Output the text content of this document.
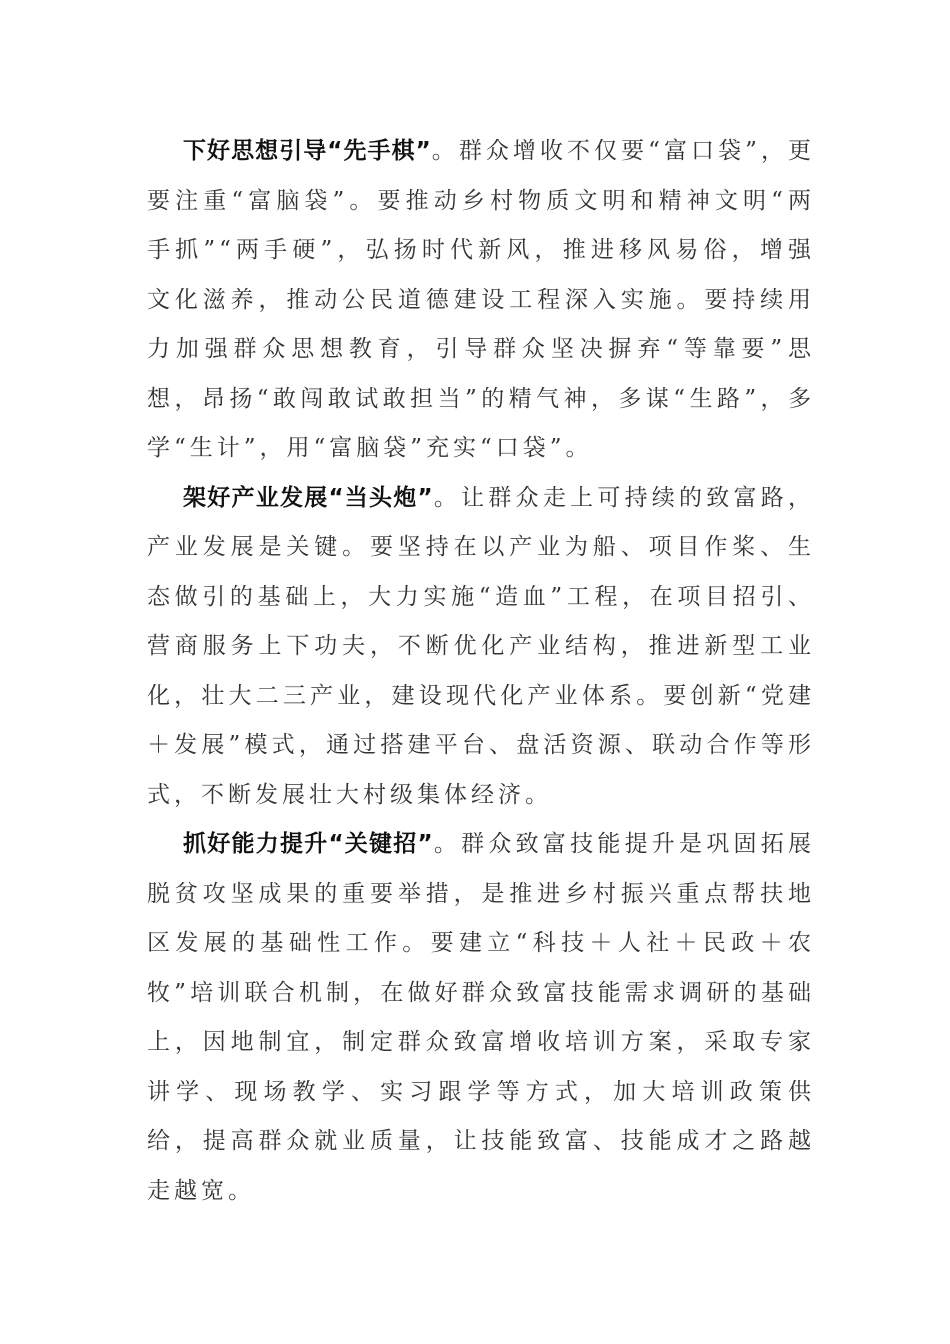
下好思想引导“先手棋”。群众增收不仅要“富口袋”，更要注重“富脑袋”。要推动乡村物质文明和精神文明“两手抓”“两手硬”，弘扬时代新风，推进移风易俗，增强文化滋养，推动公民道德建设工程深入实施。要持续用力加强群众思想教育，引导群众坚决摒弃“等靠要”思想，昂扬“敢闯敢试敢担当”的精气神，多谋“生路”，多学“生计”，用“富脑袋”充实“口袋”。

架好产业发展“当头炮”。让群众走上可持续的致富路，产业发展是关键。要坚持在以产业为船、项目作桨、生态做引的基础上，大力实施“造血”工程，在项目招引、营商服务上下功夫，不断优化产业结构，推进新型工业化，壮大二三产业，建设现代化产业体系。要创新“党建＋发展”模式，通过搭建平台、盘活资源、联动合作等形式，不断发展壮大村级集体经济。

抓好能力提升“关键招”。群众致富技能提升是巩固拓展脱贫攻坚成果的重要举措，是推进乡村振兴重点帮扶地区发展的基础性工作。要建立“科技＋人社＋民政＋农牧”培训联合机制，在做好群众致富技能需求调研的基础上，因地制宜，制定群众致富增收培训方案，采取专家讲学、现场教学、实习跟学等方式，加大培训政策供给，提高群众就业质量，让技能致富、技能成才之路越走越宽。
